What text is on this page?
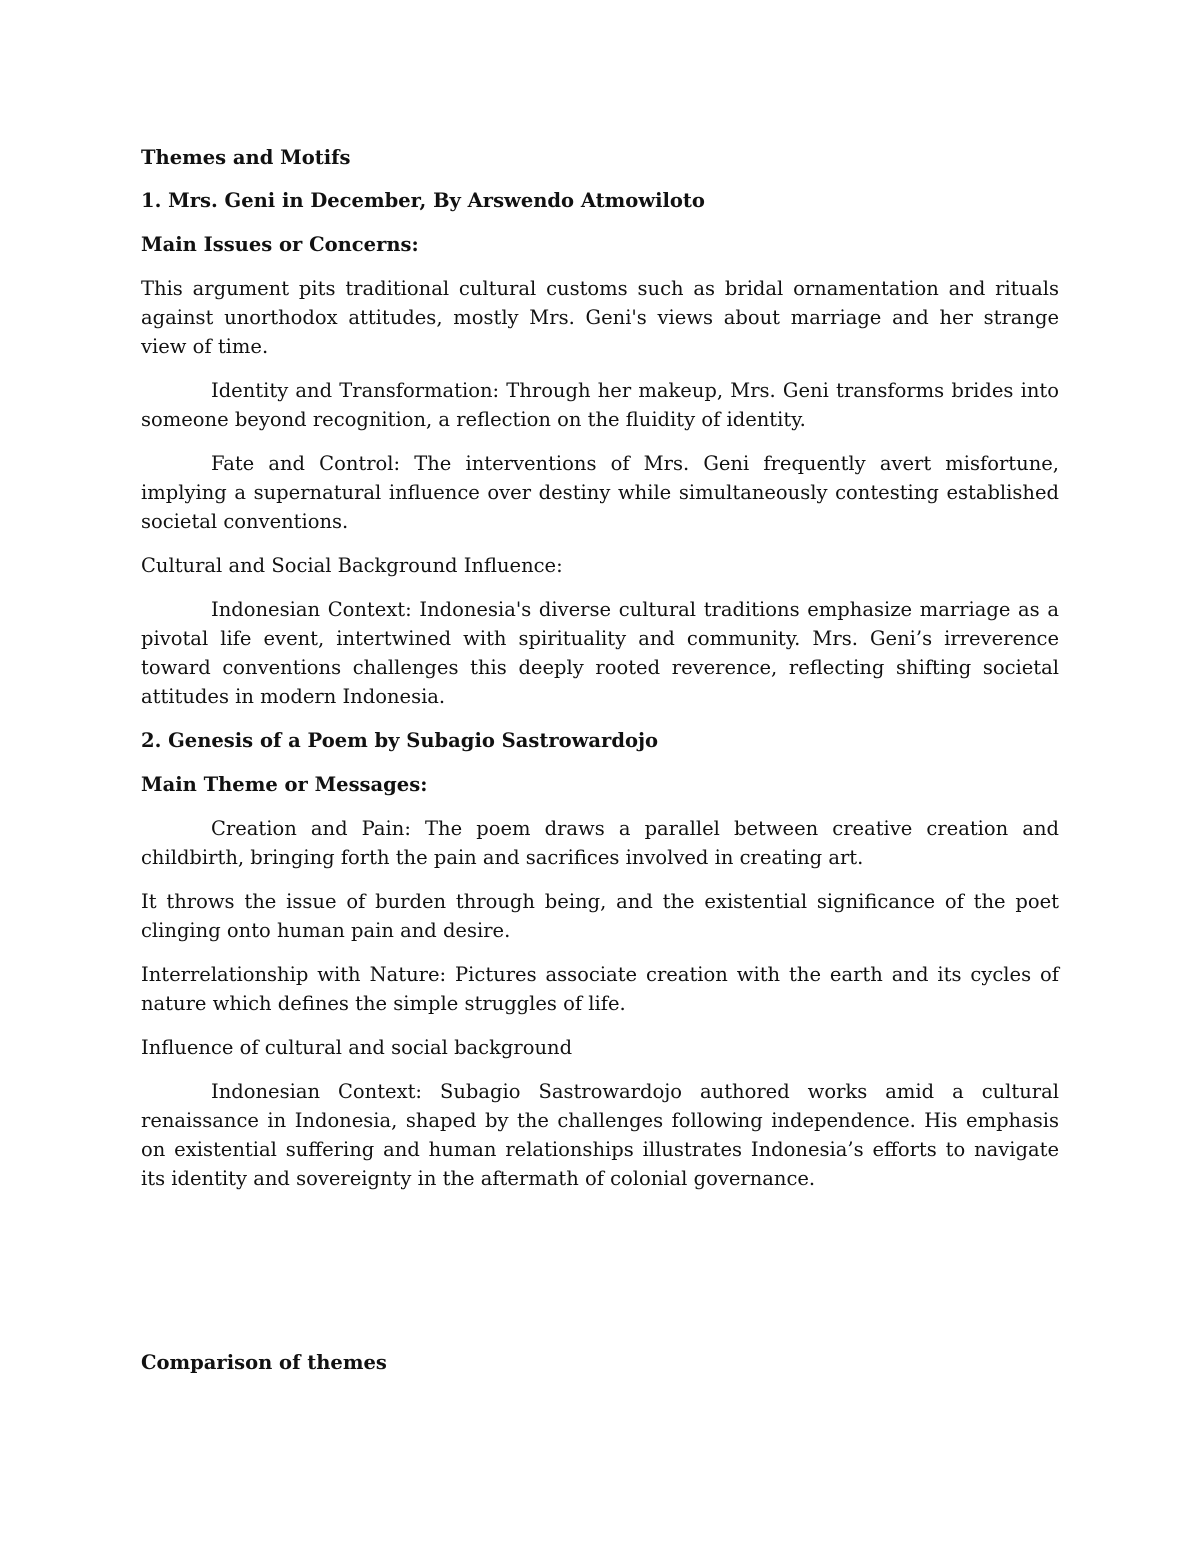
Themes and Motifs

1. Mrs. Geni in December, By Arswendo Atmowiloto

Main Issues or Concerns:

This argument pits traditional cultural customs such as bridal ornamentation and rituals against unorthodox attitudes, mostly Mrs. Geni's views about marriage and her strange view of time.

Identity and Transformation: Through her makeup, Mrs. Geni transforms brides into someone beyond recognition, a reflection on the fluidity of identity.

Fate and Control: The interventions of Mrs. Geni frequently avert misfortune, implying a supernatural influence over destiny while simultaneously contesting established societal conventions.

Cultural and Social Background Influence:

Indonesian Context: Indonesia's diverse cultural traditions emphasize marriage as a pivotal life event, intertwined with spirituality and community. Mrs. Geni’s irreverence toward conventions challenges this deeply rooted reverence, reflecting shifting societal attitudes in modern Indonesia.

2. Genesis of a Poem by Subagio Sastrowardojo

Main Theme or Messages:

Creation and Pain: The poem draws a parallel between creative creation and childbirth, bringing forth the pain and sacrifices involved in creating art.

It throws the issue of burden through being, and the existential significance of the poet clinging onto human pain and desire.

Interrelationship with Nature: Pictures associate creation with the earth and its cycles of nature which defines the simple struggles of life.

Influence of cultural and social background

Indonesian Context: Subagio Sastrowardojo authored works amid a cultural renaissance in Indonesia, shaped by the challenges following independence. His emphasis on existential suffering and human relationships illustrates Indonesia’s efforts to navigate its identity and sovereignty in the aftermath of colonial governance.

Comparison of themes
